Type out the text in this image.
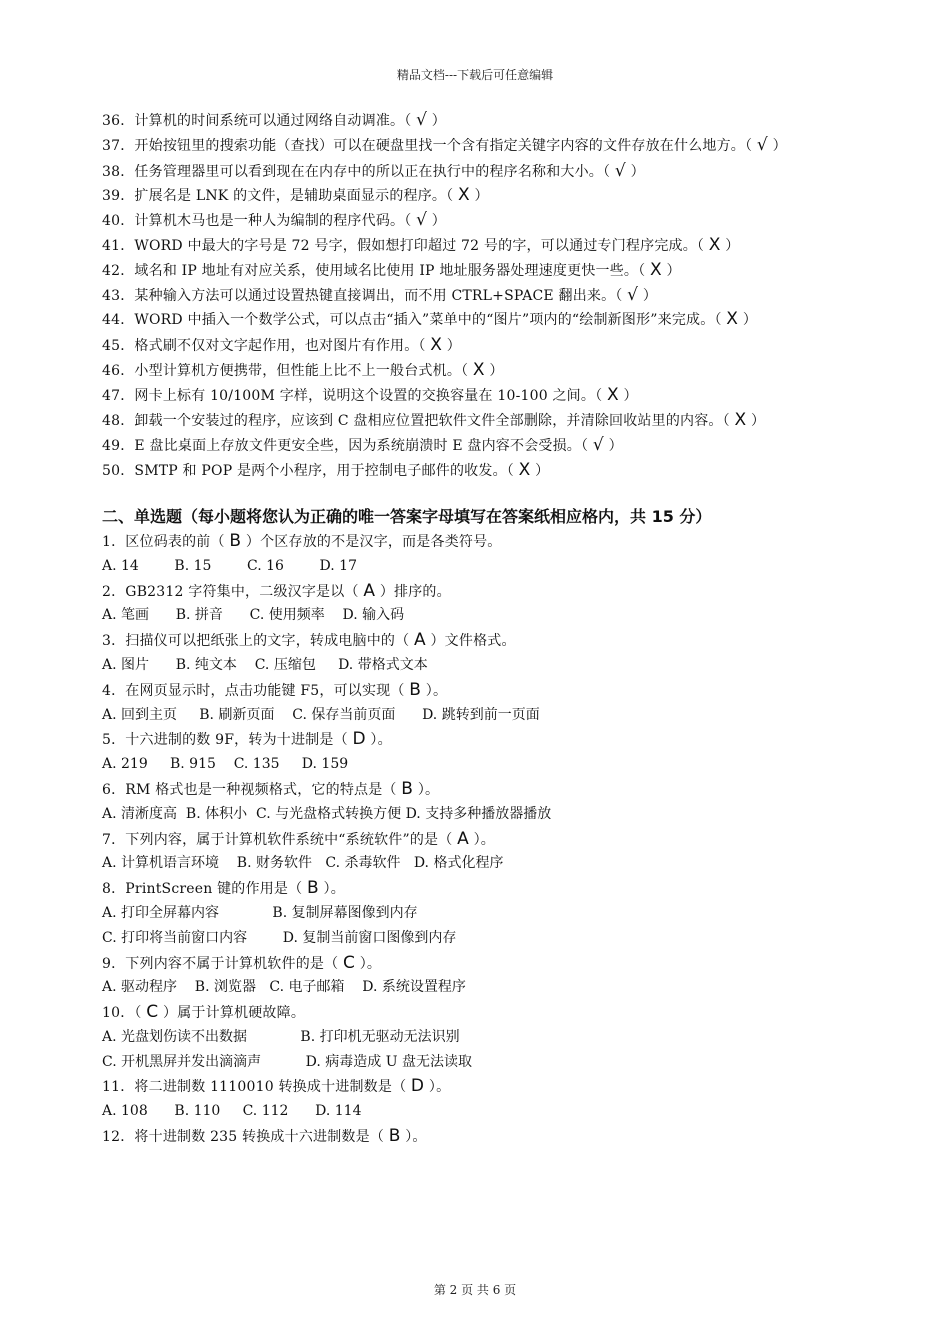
精品文档---下载后可任意编辑
36．计算机的时间系统可以通过网络自动调准。（ √ ）
37．开始按钮里的搜索功能（查找）可以在硬盘里找一个含有指定关键字内容的文件存放在什么地方。（ √ ）
38．任务管理器里可以看到现在在内存中的所以正在执行中的程序名称和大小。（ √ ）
39．扩展名是 LNK 的文件，是辅助桌面显示的程序。（ X ）
40．计算机木马也是一种人为编制的程序代码。（ √ ）
41．WORD 中最大的字号是 72 号字，假如想打印超过 72 号的字，可以通过专门程序完成。（ X ）
42．域名和 IP 地址有对应关系，使用域名比使用 IP 地址服务器处理速度更快一些。（ X ）
43．某种输入方法可以通过设置热键直接调出，而不用 CTRL+SPACE 翻出来。（ √ ）
44．WORD 中插入一个数学公式，可以点击“插入”菜单中的“图片”项内的“绘制新图形”来完成。（ X ）
45．格式刷不仅对文字起作用，也对图片有作用。（ X ）
46．小型计算机方便携带，但性能上比不上一般台式机。（ X ）
47．网卡上标有 10/100M 字样，说明这个设置的交换容量在 10-100 之间。（ X ）
48．卸载一个安装过的程序，应该到 C 盘相应位置把软件文件全部删除，并清除回收站里的内容。（ X ）
49．E 盘比桌面上存放文件更安全些，因为系统崩溃时 E 盘内容不会受损。（ √ ）
50．SMTP 和 POP 是两个小程序，用于控制电子邮件的收发。（ X ）
二、单选题（每小题将您认为正确的唯一答案字母填写在答案纸相应格内，共 15 分）
1．区位码表的前（ B ）个区存放的不是汉字，而是各类符号。
A. 14        B. 15        C. 16        D. 17
2．GB2312 字符集中，二级汉字是以（ A ）排序的。
A. 笔画      B. 拼音      C. 使用频率    D. 输入码
3．扫描仪可以把纸张上的文字，转成电脑中的（ A ）文件格式。
A. 图片      B. 纯文本    C. 压缩包     D. 带格式文本
4．在网页显示时，点击功能键 F5，可以实现（ B ）。
A. 回到主页     B. 刷新页面    C. 保存当前页面      D. 跳转到前一页面
5．十六进制的数 9F，转为十进制是（ D ）。
A. 219     B. 915    C. 135     D. 159
6．RM 格式也是一种视频格式，它的特点是（ B ）。
A. 清淅度高  B. 体积小  C. 与光盘格式转换方便 D. 支持多种播放器播放
7．下列内容，属于计算机软件系统中“系统软件”的是（ A ）。
A. 计算机语言环境    B. 财务软件   C. 杀毒软件   D. 格式化程序
8．PrintScreen 键的作用是（ B ）。
A. 打印全屏幕内容            B. 复制屏幕图像到内存
C. 打印将当前窗口内容        D. 复制当前窗口图像到内存
9．下列内容不属于计算机软件的是（ C ）。
A. 驱动程序    B. 浏览器   C. 电子邮箱    D. 系统设置程序
10．（ C ）属于计算机硬故障。
A. 光盘划伤读不出数据            B. 打印机无驱动无法识别
C. 开机黑屏并发出滴滴声          D. 病毒造成 U 盘无法读取
11．将二进制数 1110010 转换成十进制数是（ D ）。
A. 108      B. 110     C. 112      D. 114
12．将十进制数 235 转换成十六进制数是（ B ）。
第 2 页 共 6 页
